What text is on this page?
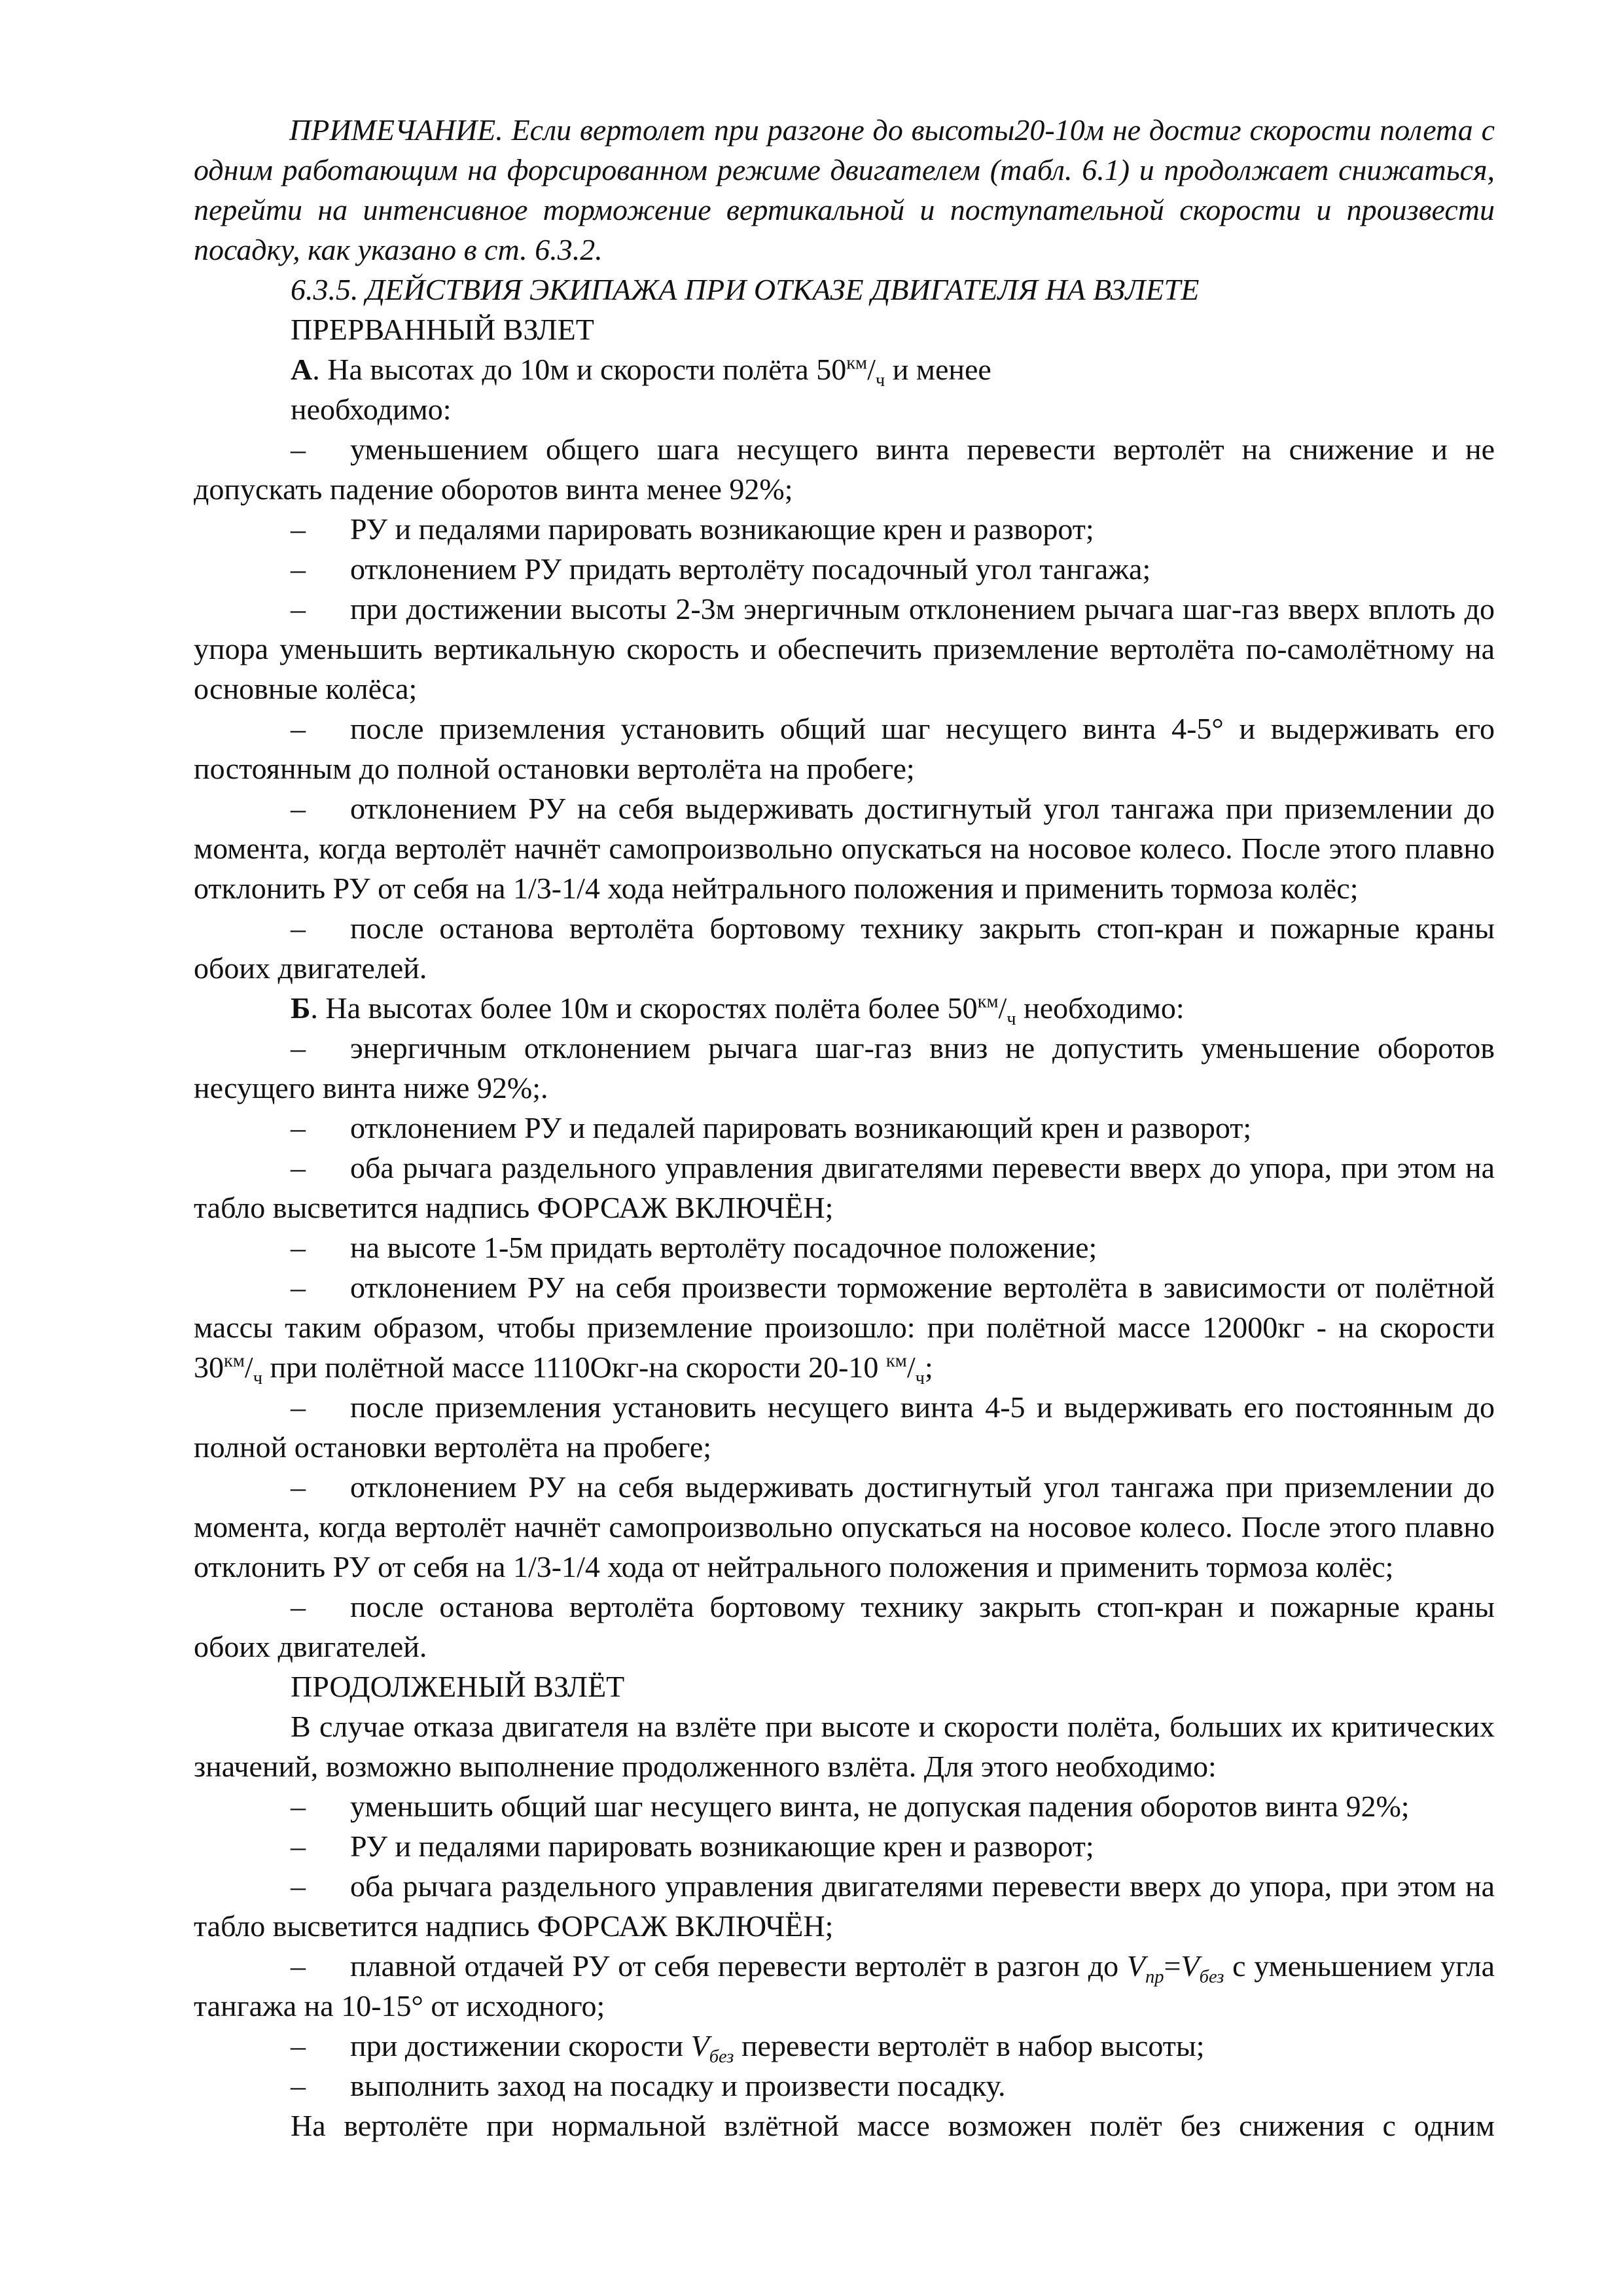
ПРИМЕЧАНИЕ. Если вертолет при разгоне до высоты20-10м не достиг скорости полета с одним работающим на форсированном режиме двигателем (табл. 6.1) и продолжает снижаться, перейти на интенсивное торможение вертикальной и поступательной скорости и произвести посадку, как указано в ст. 6.3.2.

6.3.5. ДЕЙСТВИЯ ЭКИПАЖА ПРИ ОТКАЗЕ ДВИГАТЕЛЯ НА ВЗЛЕТЕ

ПРЕРВАННЫЙ ВЗЛЕТ

А. На высотах до 10м и скорости полёта $50^{км}/_ч$ и менее

необходимо:

– уменьшением общего шага несущего винта перевести вертолёт на снижение и не допускать падение оборотов винта менее 92%;

– РУ и педалями парировать возникающие крен и разворот;

– отклонением РУ придать вертолёту посадочный угол тангажа;

– при достижении высоты 2-3м энергичным отклонением рычага шаг-газ вверх вплоть до упора уменьшить вертикальную скорость и обеспечить приземление вертолёта по-самолётному на основные колёса;

– после приземления установить общий шаг несущего винта 4-5° и выдерживать его постоянным до полной остановки вертолёта на пробеге;

– отклонением РУ на себя выдерживать достигнутый угол тангажа при приземлении до момента, когда вертолёт начнёт самопроизвольно опускаться на носовое колесо. После этого плавно отклонить РУ от себя на 1/3-1/4 хода нейтрального положения и применить тормоза колёс;

– после останова вертолёта бортовому технику закрыть стоп-кран и пожарные краны обоих двигателей.

Б. На высотах более 10м и скоростях полёта более $50^{км}/_ч$ необходимо:

– энергичным отклонением рычага шаг-газ вниз не допустить уменьшение оборотов несущего винта ниже 92%;.

– отклонением РУ и педалей парировать возникающий крен и разворот;

– оба рычага раздельного управления двигателями перевести вверх до упора, при этом на табло высветится надпись ФОРСАЖ ВКЛЮЧЁН;

– на высоте 1-5м придать вертолёту посадочное положение;

– отклонением РУ на себя произвести торможение вертолёта в зависимости от полётной массы таким образом, чтобы приземление произошло: при полётной массе 12000кг - на скорости $30^{км}/_ч$ при полётной массе 1110Окг-на скорости 20-10 $^{км}/_ч$;

– после приземления установить несущего винта 4-5 и выдерживать его постоянным до полной остановки вертолёта на пробеге;

– отклонением РУ на себя выдерживать достигнутый угол тангажа при приземлении до момента, когда вертолёт начнёт самопроизвольно опускаться на носовое колесо. После этого плавно отклонить РУ от себя на 1/3-1/4 хода от нейтрального положения и применить тормоза колёс;

– после останова вертолёта бортовому технику закрыть стоп-кран и пожарные краны обоих двигателей.

ПРОДОЛЖЕНЫЙ ВЗЛЁТ

В случае отказа двигателя на взлёте при высоте и скорости полёта, больших их критических значений, возможно выполнение продолженного взлёта. Для этого необходимо:

– уменьшить общий шаг несущего винта, не допуская падения оборотов винта 92%;

– РУ и педалями парировать возникающие крен и разворот;

– оба рычага раздельного управления двигателями перевести вверх до упора, при этом на табло высветится надпись ФОРСАЖ ВКЛЮЧЁН;

– плавной отдачей РУ от себя перевести вертолёт в разгон до $V_{пр}=V_{без}$ с уменьшением угла тангажа на 10-15° от исходного;

– при достижении скорости $V_{без}$ перевести вертолёт в набор высоты;

– выполнить заход на посадку и произвести посадку.

На вертолёте при нормальной взлётной массе возможен полёт без снижения с одним
